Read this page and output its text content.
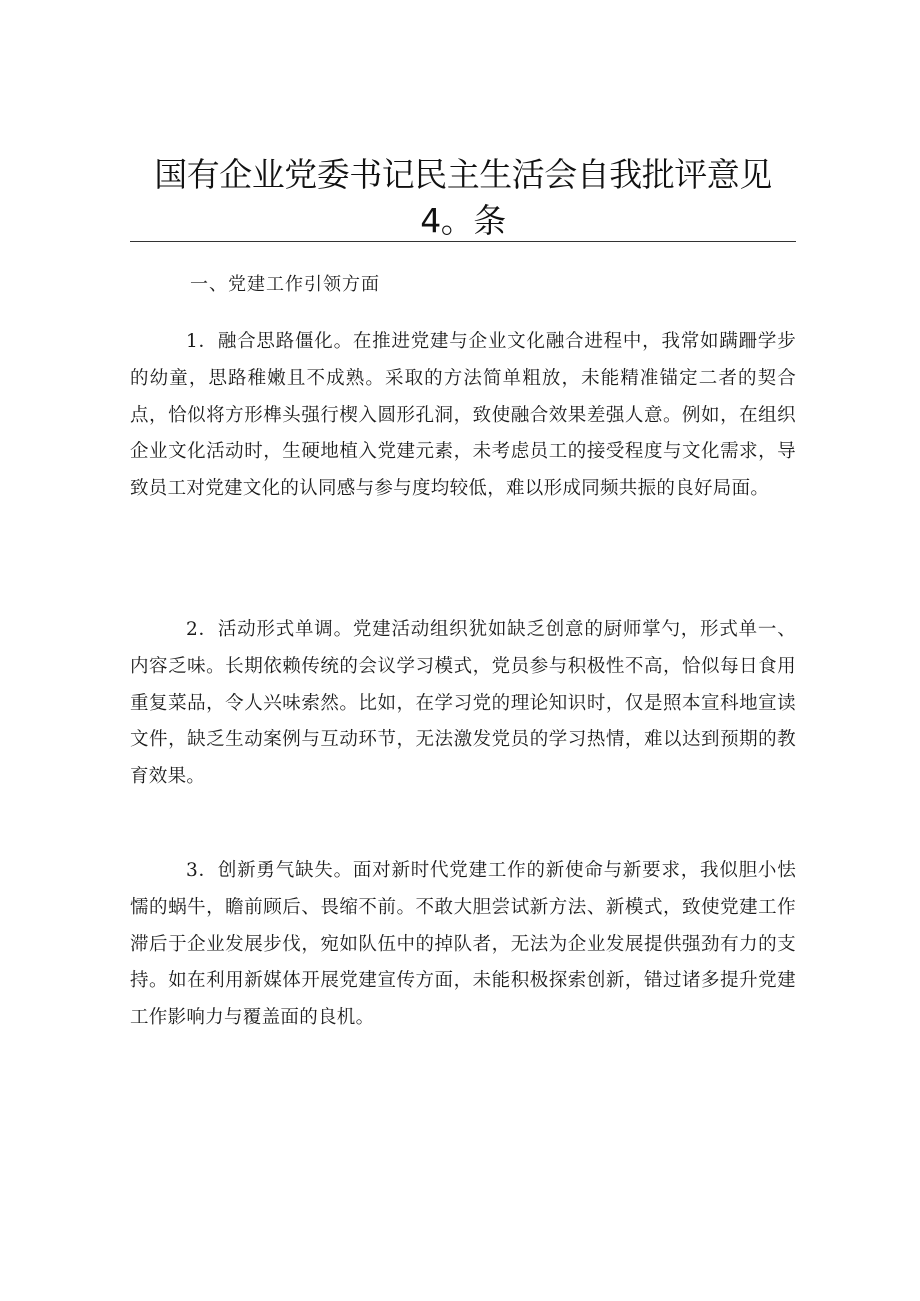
国有企业党委书记民主生活会自我批评意见
4。条
一、党建工作引领方面

1．融合思路僵化。在推进党建与企业文化融合进程中，我常如蹒跚学步的幼童，思路稚嫩且不成熟。采取的方法简单粗放，未能精准锚定二者的契合点，恰似将方形榫头强行楔入圆形孔洞，致使融合效果差强人意。例如，在组织企业文化活动时，生硬地植入党建元素，未考虑员工的接受程度与文化需求，导致员工对党建文化的认同感与参与度均较低，难以形成同频共振的良好局面。

2．活动形式单调。党建活动组织犹如缺乏创意的厨师掌勺，形式单一、内容乏味。长期依赖传统的会议学习模式，党员参与积极性不高，恰似每日食用重复菜品，令人兴味索然。比如，在学习党的理论知识时，仅是照本宣科地宣读文件，缺乏生动案例与互动环节，无法激发党员的学习热情，难以达到预期的教育效果。

3．创新勇气缺失。面对新时代党建工作的新使命与新要求，我似胆小怯懦的蜗牛，瞻前顾后、畏缩不前。不敢大胆尝试新方法、新模式，致使党建工作滞后于企业发展步伐，宛如队伍中的掉队者，无法为企业发展提供强劲有力的支持。如在利用新媒体开展党建宣传方面，未能积极探索创新，错过诸多提升党建工作影响力与覆盖面的良机。
